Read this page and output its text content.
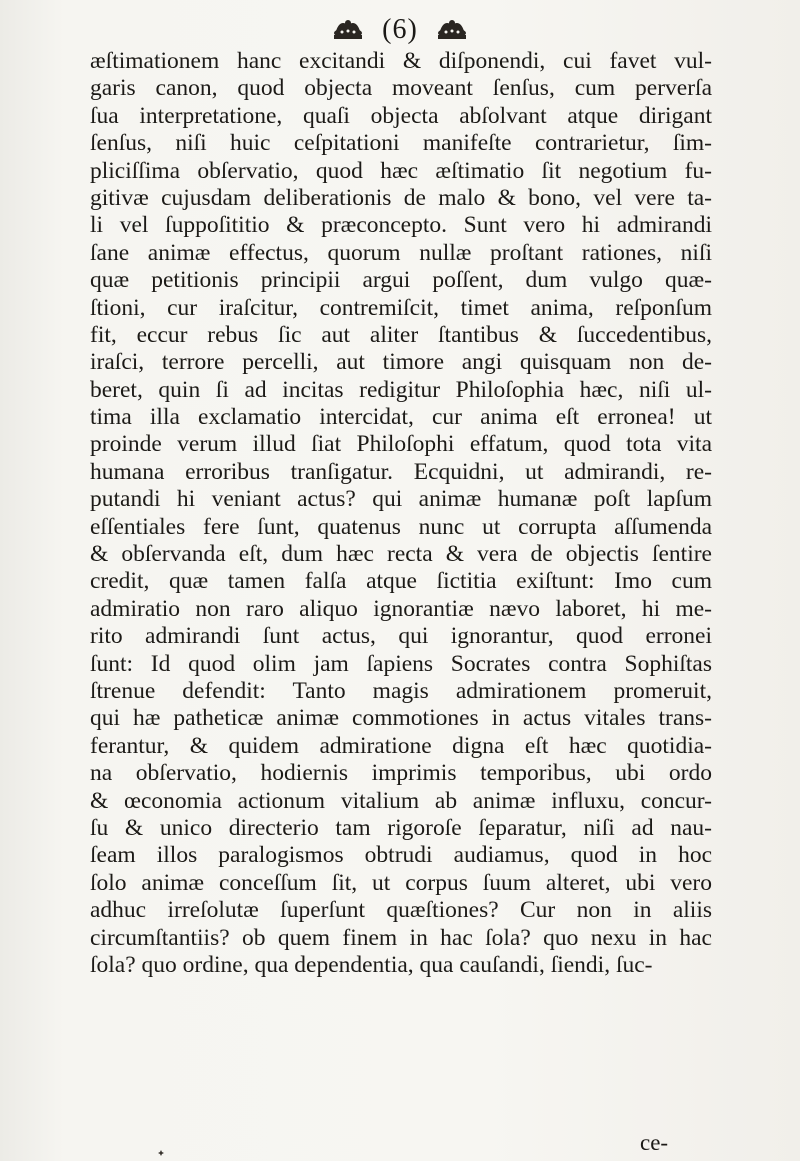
(6)
æſtimationem hanc excitandi & diſponendi, cui favet vul-
garis canon, quod objecta moveant ſenſus, cum perverſa
ſua interpretatione, quaſi objecta abſolvant atque dirigant
ſenſus, niſi huic ceſpitationi manifeſte contrarietur, ſim-
pliciſſima obſervatio, quod hæc æſtimatio ſit negotium fu-
gitivæ cujusdam deliberationis de malo & bono, vel vere ta-
li vel ſuppoſititio & præconcepto. Sunt vero hi admirandi
ſane animæ effectus, quorum nullæ proſtant rationes, niſi
quæ petitionis principii argui poſſent, dum vulgo quæ-
ſtioni, cur iraſcitur, contremiſcit, timet anima, reſponſum
fit, eccur rebus ſic aut aliter ſtantibus & ſuccedentibus,
iraſci, terrore percelli, aut timore angi quisquam non de-
beret, quin ſi ad incitas redigitur Philoſophia hæc, niſi ul-
tima illa exclamatio intercidat, cur anima eſt erronea! ut
proinde verum illud ſiat Philoſophi effatum, quod tota vita
humana erroribus tranſigatur. Ecquidni, ut admirandi, re-
putandi hi veniant actus? qui animæ humanæ poſt lapſum
eſſentiales fere ſunt, quatenus nunc ut corrupta aſſumenda
& obſervanda eſt, dum hæc recta & vera de objectis ſentire
credit, quæ tamen falſa atque ſictitia exiſtunt: Imo cum
admiratio non raro aliquo ignorantiæ nævo laboret, hi me-
rito admirandi ſunt actus, qui ignorantur, quod erronei
ſunt: Id quod olim jam ſapiens Socrates contra Sophiſtas
ſtrenue defendit: Tanto magis admirationem promeruit,
qui hæ patheticæ animæ commotiones in actus vitales trans-
ferantur, & quidem admiratione digna eſt hæc quotidia-
na obſervatio, hodiernis imprimis temporibus, ubi ordo
& œconomia actionum vitalium ab animæ influxu, concur-
ſu & unico directerio tam rigoroſe ſeparatur, niſi ad nau-
ſeam illos paralogismos obtrudi audiamus, quod in hoc
ſolo animæ conceſſum ſit, ut corpus ſuum alteret, ubi vero
adhuc irreſolutæ ſuperſunt quæſtiones? Cur non in aliis
circumſtantiis? ob quem finem in hac ſola? quo nexu in hac
ſola? quo ordine, qua dependentia, qua cauſandi, ſiendi, ſuc-
ce-
